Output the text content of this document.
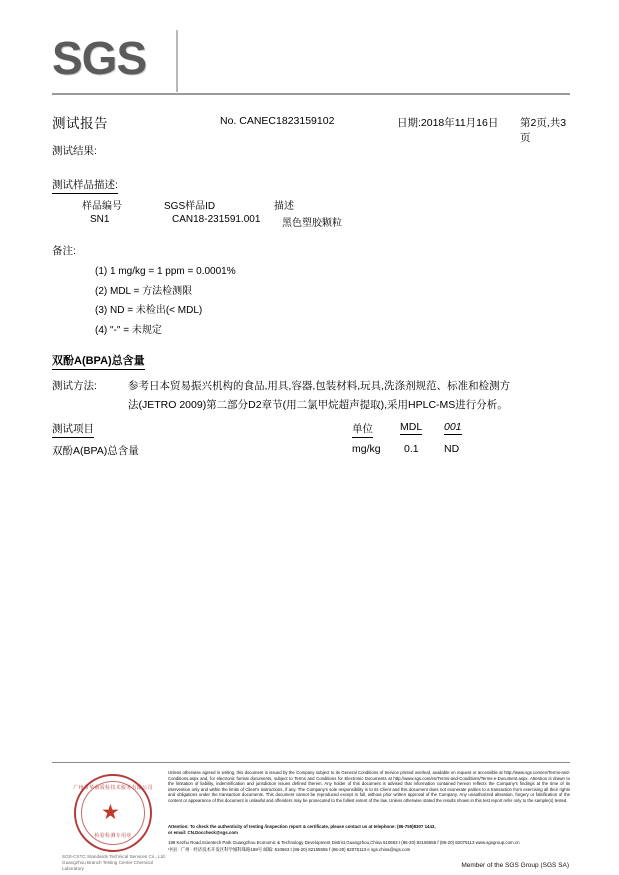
SGS
测试报告	No. CANEC1823159102	日期:2018年11月16日 第2页,共3页
测试结果:
测试样品描述:
样品编号	SGS样品ID	描述
SN1	CAN18-231591.001	黑色塑胶颗粒
备注:
(1) 1 mg/kg = 1 ppm = 0.0001%
(2) MDL = 方法检测限
(3) ND = 未检出(< MDL)
(4) "-" = 未规定
双酚A(BPA)总含量
测试方法:	参考日本贸易振兴机构的食品,用具,容器,包装材料,玩具,洗涤剂规范、标准和检测方
法(JETRO 2009)第二部分D2章节(用二氯甲烷超声提取),采用HPLC-MS进行分析。
测试项目	单位	MDL 001
双酚A(BPA)总含量	mg/kg 0.1 ND
广州市华南质检技术服务有限公司
★
检验检测专用章
SGS-CSTC Standards Technical Services Co., Ltd.
Guangzhou Branch Testing Center Chemical Laboratory
Unless otherwise agreed in writing, this document is issued by the Company subject to its General Conditions of Service printed overleaf, available on request or accessible at http://www.sgs.com/en/Terms-and-Conditions.aspx and, for electronic format documents, subject to Terms and Conditions for Electronic Documents at http://www.sgs.com/en/Terms-and-Conditions/Terms-e-Document.aspx. Attention is drawn to the limitation of liability, indemnification and jurisdiction issues defined therein. Any holder of this document is advised that information contained hereon reflects the Company's findings at the time of its intervention only and within the limits of Client's instructions, if any. The Company's sole responsibility is to its Client and this document does not exonerate parties to a transaction from exercising all their rights and obligations under the transaction documents. This document cannot be reproduced except in full, without prior written approval of the Company. Any unauthorized alteration, forgery or falsification of the content or appearance of this document is unlawful and offenders may be prosecuted to the fullest extent of the law. Unless otherwise stated the results shown in this test report refer only to the sample(s) tested.
Attention: To check the authenticity of testing /inspection report & certificate, please contact us at telephone: (86-755)8307 1443,
or email: CN.Doccheck@sgs.com
198 Kezhu Road,Scientech Park Guangzhou Economic & Technology Development District,Guangzhou,China 510663 t (86-20) 82155555 f (86-20) 82075113 www.sgsgroup.com.cn
中国 · 广州 · 经济技术开发区科学城科珠路198号 邮编: 510663 t (86-20) 82155555 f (86-20) 82075113 e sgs.china@sgs.com
Member of the SGS Group (SGS SA)
